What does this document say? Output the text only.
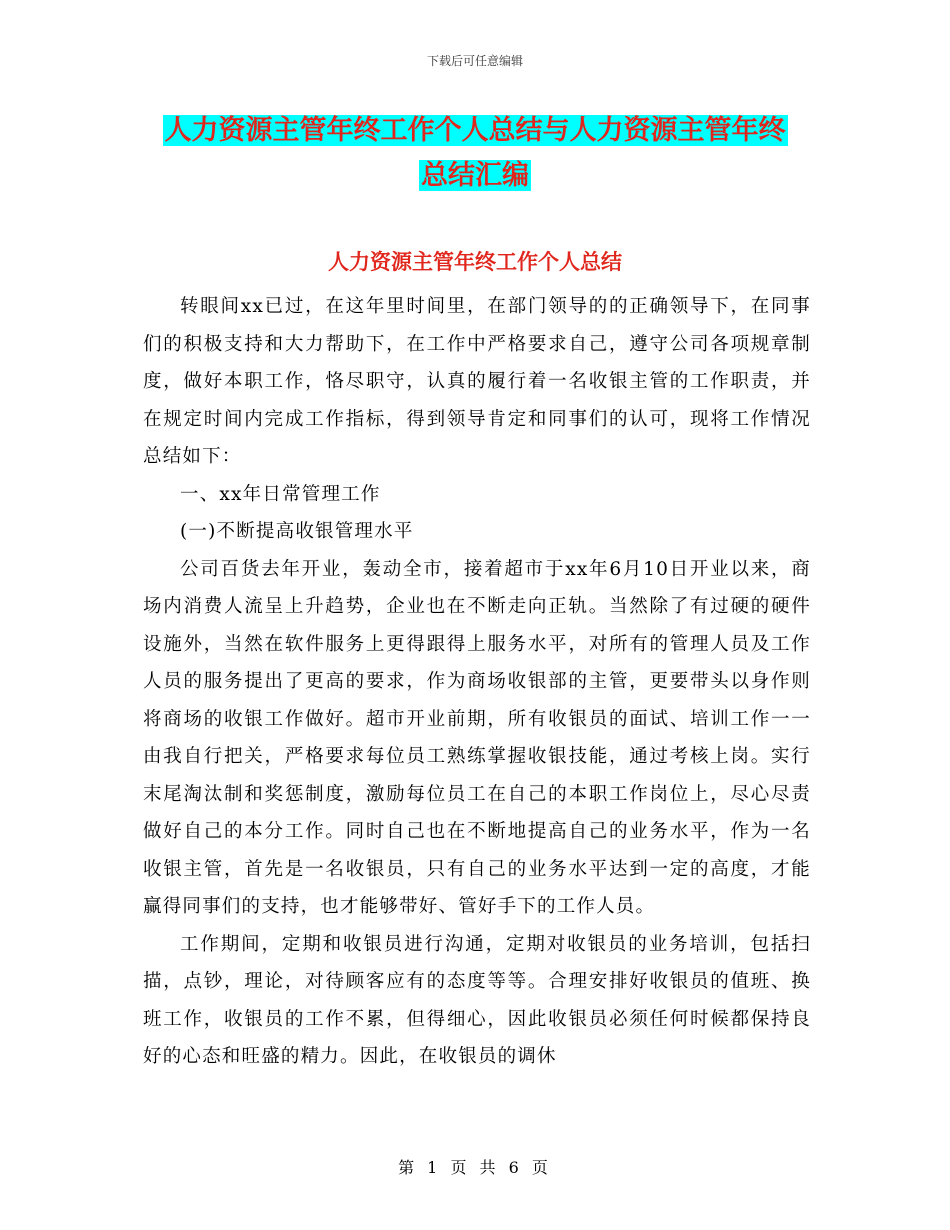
下载后可任意编辑
人力资源主管年终工作个人总结与人力资源主管年终
总结汇编
人力资源主管年终工作个人总结

转眼间xx已过，在这年里时间里，在部门领导的的正确领导下，在同事们的积极支持和大力帮助下，在工作中严格要求自己，遵守公司各项规章制度，做好本职工作，恪尽职守，认真的履行着一名收银主管的工作职责，并在规定时间内完成工作指标，得到领导肯定和同事们的认可，现将工作情况总结如下：

一、xx年日常管理工作

(一)不断提高收银管理水平

公司百货去年开业，轰动全市，接着超市于xx年6月10日开业以来，商场内消费人流呈上升趋势，企业也在不断走向正轨。当然除了有过硬的硬件设施外，当然在软件服务上更得跟得上服务水平，对所有的管理人员及工作人员的服务提出了更高的要求，作为商场收银部的主管，更要带头以身作则将商场的收银工作做好。超市开业前期，所有收银员的面试、培训工作一一由我自行把关，严格要求每位员工熟练掌握收银技能，通过考核上岗。实行末尾淘汰制和奖惩制度，激励每位员工在自己的本职工作岗位上，尽心尽责做好自己的本分工作。同时自己也在不断地提高自己的业务水平，作为一名收银主管，首先是一名收银员，只有自己的业务水平达到一定的高度，才能赢得同事们的支持，也才能够带好、管好手下的工作人员。

工作期间，定期和收银员进行沟通，定期对收银员的业务培训，包括扫描，点钞，理论，对待顾客应有的态度等等。合理安排好收银员的值班、换班工作，收银员的工作不累，但得细心，因此收银员必须任何时候都保持良好的心态和旺盛的精力。因此，在收银员的调休

第 1 页 共 6 页
